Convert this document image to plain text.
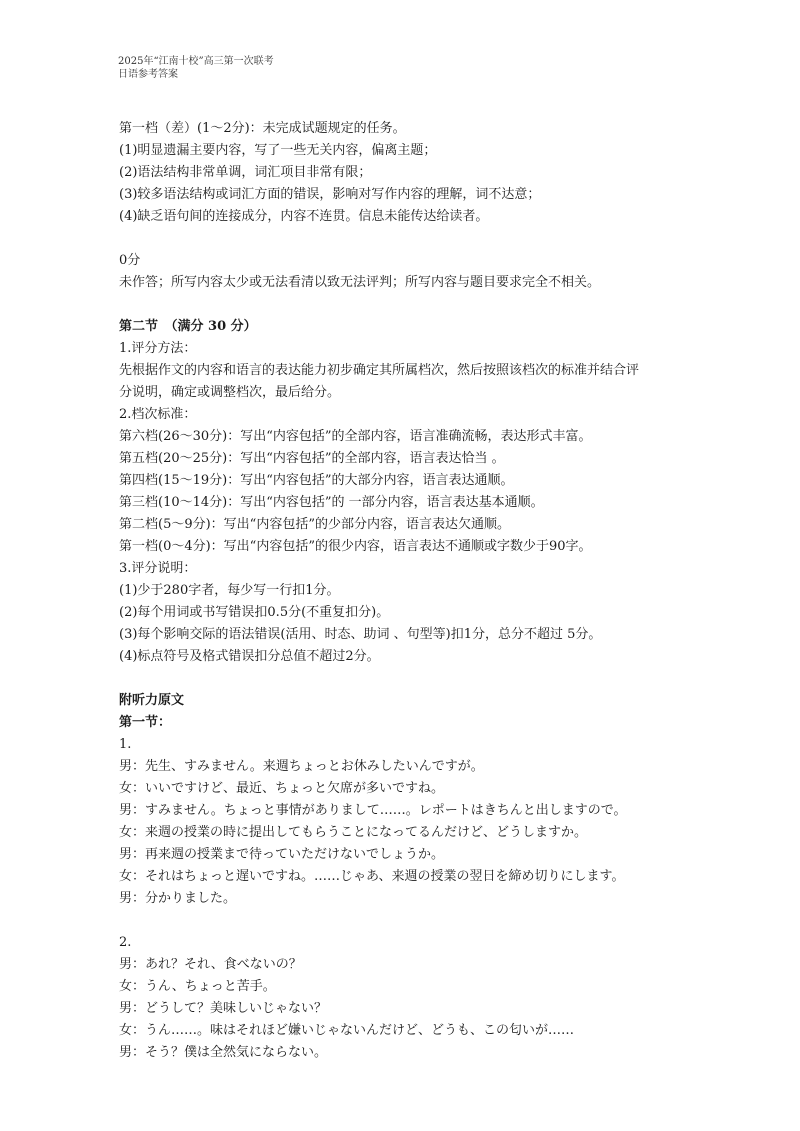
2025年“江南十校”高三第一次联考
日语参考答案
第一档（差）(1～2分)：未完成试题规定的任务。
(1)明显遗漏主要内容，写了一些无关内容，偏离主题；
(2)语法结构非常单调，词汇项目非常有限；
(3)较多语法结构或词汇方面的错误，影响对写作内容的理解，词不达意；
(4)缺乏语句间的连接成分，内容不连贯。信息未能传达给读者。
0分
未作答；所写内容太少或无法看清以致无法评判；所写内容与题目要求完全不相关。
第二节　（满分 30 分）
1.评分方法：
先根据作文的内容和语言的表达能力初步确定其所属档次，然后按照该档次的标准并结合评
分说明，确定或调整档次，最后给分。
2.档次标准：
第六档(26～30分)：写出“内容包括”的全部内容，语言准确流畅，表达形式丰富。
第五档(20～25分)：写出“内容包括”的全部内容，语言表达恰当 。
第四档(15～19分)：写出“内容包括”的大部分内容，语言表达通顺。
第三档(10～14分)：写出“内容包括”的 一部分内容，语言表达基本通顺。
第二档(5～9分)：写出“内容包括”的少部分内容，语言表达欠通顺。
第一档(0～4分)：写出“内容包括”的很少内容，语言表达不通顺或字数少于90字。
3.评分说明：
(1)少于280字者，每少写一行扣1分。
(2)每个用词或书写错误扣0.5分(不重复扣分)。
(3)每个影响交际的语法错误(活用、时态、助词 、句型等)扣1分，总分不超过 5分。
(4)标点符号及格式错误扣分总值不超过2分。
附听力原文
第一节：
1.
男：先生、すみません。来週ちょっとお休みしたいんですが。
女：いいですけど、最近、ちょっと欠席が多いですね。
男：すみません。ちょっと事情がありまして……。レポートはきちんと出しますので。
女：来週の授業の時に提出してもらうことになってるんだけど、どうしますか。
男：再来週の授業まで待っていただけないでしょうか。
女：それはちょっと遅いですね。……じゃあ、来週の授業の翌日を締め切りにします。
男：分かりました。
2.
男：あれ？それ、食べないの？
女：うん、ちょっと苦手。
男：どうして？美味しいじゃない？
女：うん……。味はそれほど嫌いじゃないんだけど、どうも、この匂いが……
男：そう？僕は全然気にならない。
